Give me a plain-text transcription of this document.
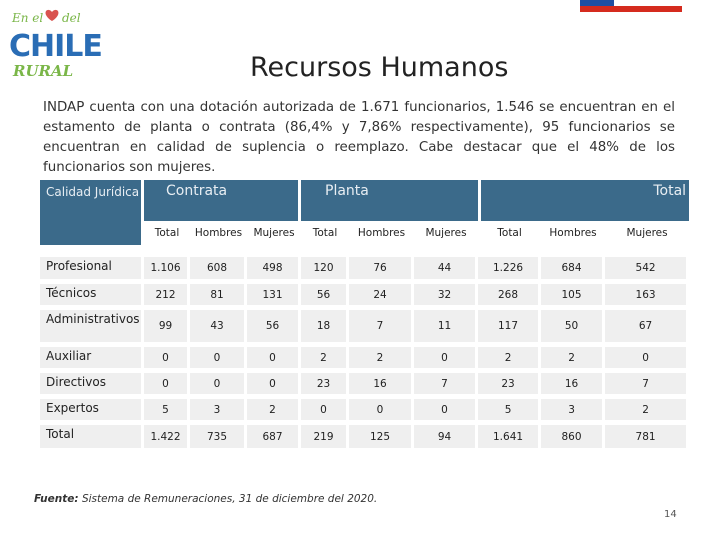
En el del
CHILE
RURAL	Recursos Humanos
INDAP cuenta con una dotación autorizada de 1.671 funcionarios, 1.546 se encuentran en el estamento de planta o contrata (86,4% y 7,86% respectivamente), 95 funcionarios se encuentran en calidad de suplencia o reemplazo. Cabe destacar que el 48% de los funcionarios son mujeres.
Calidad Jurídica	Contrata			Planta			Total		
	Total	Hombres	Mujeres	Total	Hombres	Mujeres	Total	Hombres	Mujeres

Profesional	1.106	608	498	120	76	44	1.226	684	542
Técnicos	212	81	131	56	24	32	268	105	163
Administrativos	99	43	56	18	7	11	117	50	67
Auxiliar	0	0	0	2	2	0	2	2	0
Directivos	0	0	0	23	16	7	23	16	7
Expertos	5	3	2	0	0	0	5	3	2
Total	1.422	735	687	219	125	94	1.641	860	781
Fuente: Sistema de Remuneraciones, 31 de diciembre del 2020.
14
